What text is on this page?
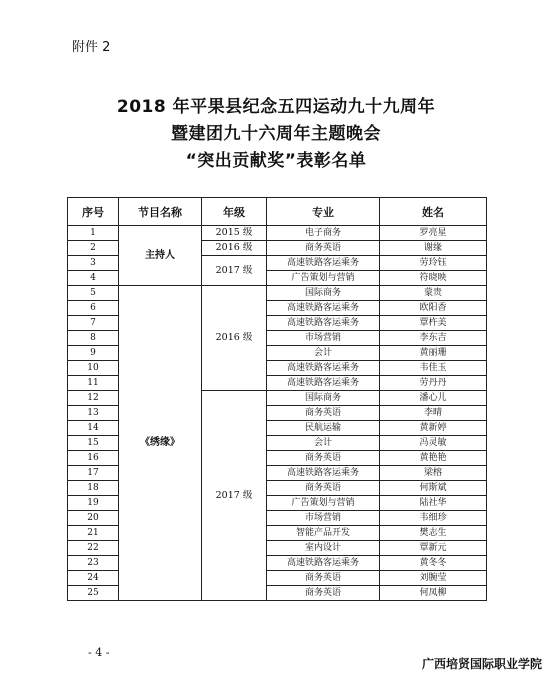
附件 2
2018 年平果县纪念五四运动九十九周年
暨建团九十六周年主题晚会
“突出贡献奖”表彰名单
序号	节目名称	年级	专业	姓名
1	主持人	2015 级	电子商务	罗亮星
2		2016 级	商务英语	谢缘
3		2017 级	高速铁路客运乘务	劳玲钰
4			广告策划与营销	符晓映
5	《绣缘》	2016 级	国际商务	蒙贵
6			高速铁路客运乘务	欧阳香
7			高速铁路客运乘务	覃杵美
8			市场营销	李东吉
9			会计	黄丽珊
10			高速铁路客运乘务	韦佳玉
11			高速铁路客运乘务	劳丹丹
12		2017 级	国际商务	潘心儿
13			商务英语	李晴
14			民航运输	黄新婷
15			会计	冯灵敏
16			商务英语	黄艳艳
17			高速铁路客运乘务	梁榕
18			商务英语	何斯斌
19			广告策划与营销	陆社华
20			市场营销	韦细珍
21			智能产品开发	樊志生
22			室内设计	覃新元
23			高速铁路客运乘务	黄冬冬
24			商务英语	刘腕莹
25			商务英语	何凤柳
- 4 -
广西培贤国际职业学院
